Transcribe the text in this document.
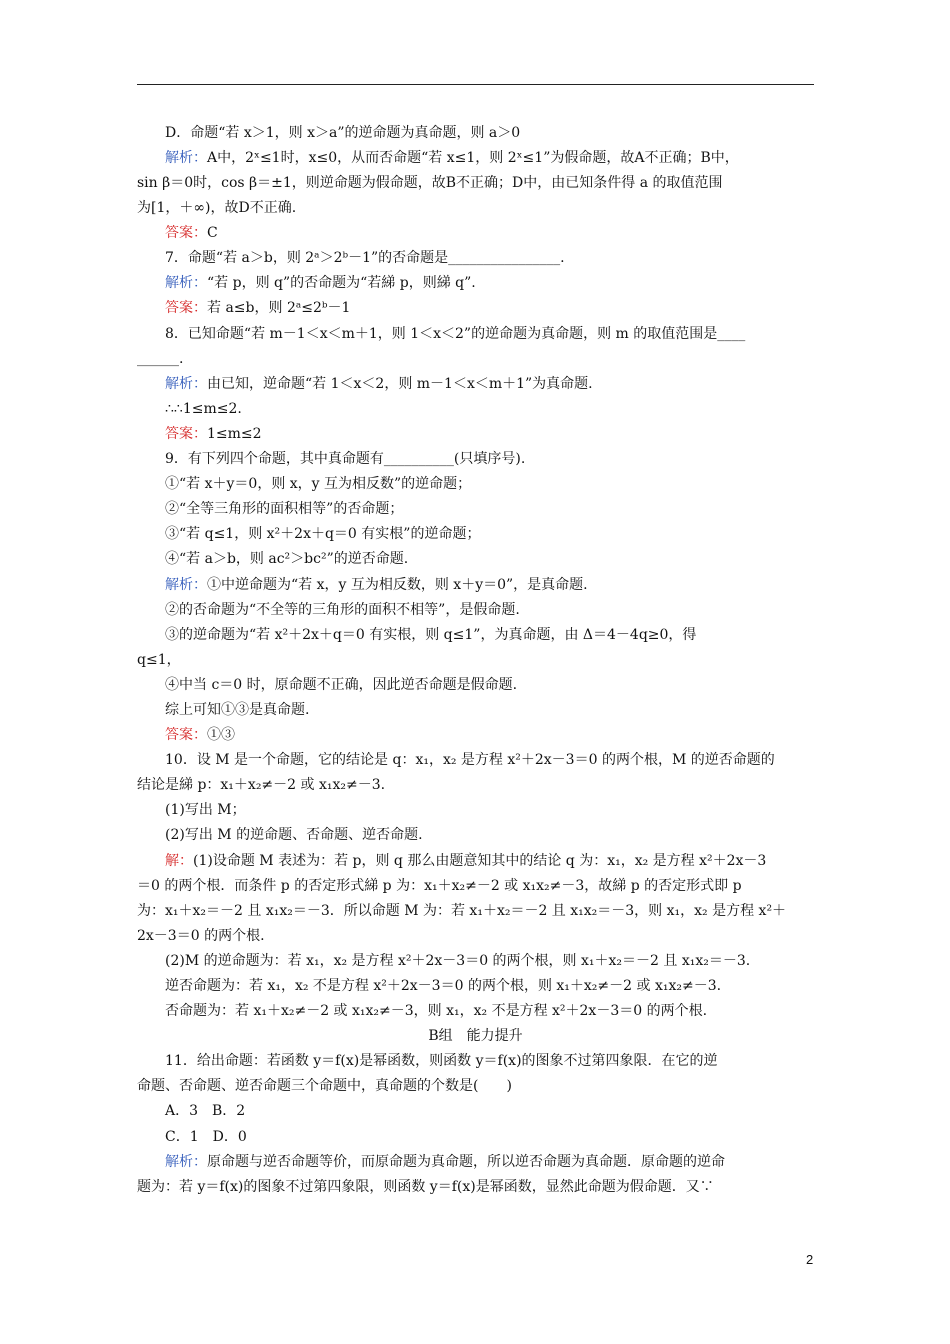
D．命题“若 x＞1，则 x＞a”的逆命题为真命题，则 a＞0
解析：A中，2ˣ≤1时，x≤0，从而否命题“若 x≤1，则 2ˣ≤1”为假命题，故A不正确；B中，
sin β＝0时，cos β＝±1，则逆命题为假命题，故B不正确；D中，由已知条件得 a 的取值范围
为[1，＋∞)，故D不正确.
答案：C
7．命题“若 a＞b，则 2ᵃ＞2ᵇ－1”的否命题是________________.
解析：“若 p，则 q”的否命题为“若綈 p，则綈 q”.
答案：若 a≤b，则 2ᵃ≤2ᵇ－1
8．已知命题“若 m－1＜x＜m＋1，则 1＜x＜2”的逆命题为真命题，则 m 的取值范围是____
______.
解析：由已知，逆命题“若 1＜x＜2，则 m－1＜x＜m＋1”为真命题.
∴∴1≤m≤2.
答案：1≤m≤2
9．有下列四个命题，其中真命题有__________(只填序号).
①“若 x＋y＝0，则 x，y 互为相反数”的逆命题；
②“全等三角形的面积相等”的否命题；
③“若 q≤1，则 x²＋2x＋q＝0 有实根”的逆命题；
④“若 a＞b，则 ac²＞bc²”的逆否命题.
解析：①中逆命题为“若 x，y 互为相反数，则 x＋y＝0”，是真命题.
②的否命题为“不全等的三角形的面积不相等”，是假命题.
③的逆命题为“若 x²＋2x＋q＝0 有实根，则 q≤1”，为真命题，由 Δ＝4－4q≥0，得
q≤1，
④中当 c＝0 时，原命题不正确，因此逆否命题是假命题.
综上可知①③是真命题.
答案：①③
10．设 M 是一个命题，它的结论是 q：x₁，x₂ 是方程 x²＋2x－3＝0 的两个根，M 的逆否命题的
结论是綈 p：x₁＋x₂≠－2 或 x₁x₂≠－3.
(1)写出 M；
(2)写出 M 的逆命题、否命题、逆否命题.
解：(1)设命题 M 表述为：若 p，则 q 那么由题意知其中的结论 q 为：x₁，x₂ 是方程 x²＋2x－3
＝0 的两个根．而条件 p 的否定形式綈 p 为：x₁＋x₂≠－2 或 x₁x₂≠－3，故綈 p 的否定形式即 p
为：x₁＋x₂＝－2 且 x₁x₂＝－3．所以命题 M 为：若 x₁＋x₂＝－2 且 x₁x₂＝－3，则 x₁，x₂ 是方程 x²＋
2x－3＝0 的两个根.
(2)M 的逆命题为：若 x₁，x₂ 是方程 x²＋2x－3＝0 的两个根，则 x₁＋x₂＝－2 且 x₁x₂＝－3.
逆否命题为：若 x₁，x₂ 不是方程 x²＋2x－3＝0 的两个根，则 x₁＋x₂≠－2 或 x₁x₂≠－3.
否命题为：若 x₁＋x₂≠－2 或 x₁x₂≠－3，则 x₁，x₂ 不是方程 x²＋2x－3＝0 的两个根.
B组　能力提升
11．给出命题：若函数 y＝f(x)是幂函数，则函数 y＝f(x)的图象不过第四象限．在它的逆
命题、否命题、逆否命题三个命题中，真命题的个数是(　　)
A．3　B．2
C．1　D．0
解析：原命题与逆否命题等价，而原命题为真命题，所以逆否命题为真命题．原命题的逆命
题为：若 y＝f(x)的图象不过第四象限，则函数 y＝f(x)是幂函数，显然此命题为假命题．又∵
2
